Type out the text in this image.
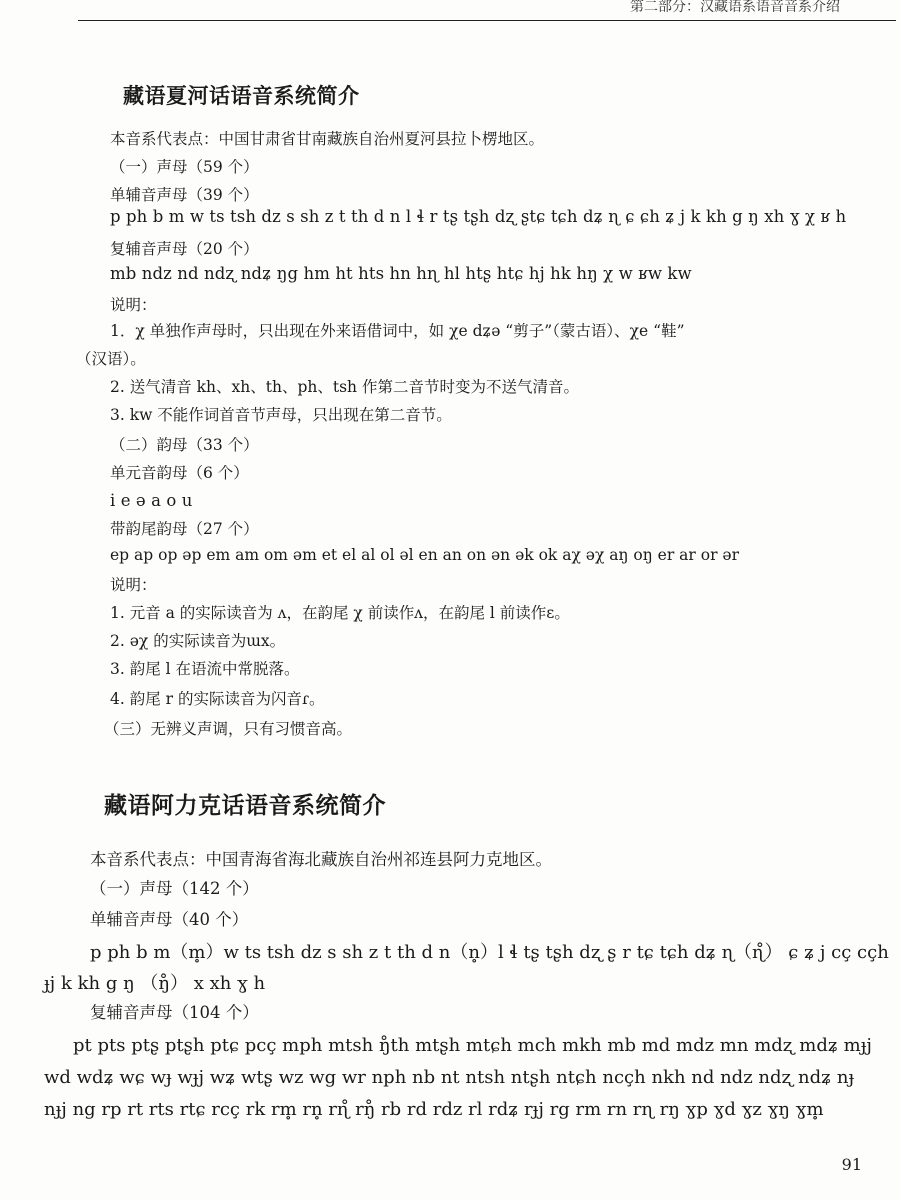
第二部分：汉藏语系语音音系介绍
藏语夏河话语音系统简介
本音系代表点：中国甘肃省甘南藏族自治州夏河县拉卜楞地区。
（一）声母（59 个）
单辅音声母（39 个）
p ph b m w ts tsh dz s sh z t th d n l ɬ r tʂ tʂh dʐ ʂtɕ tɕh dʑ ɳ ɕ ɕh ʑ j k kh g ŋ xh ɣ χ ʁ h
复辅音声母（20 个）
mb ndz nd ndʐ ndʑ ŋg hm ht hts hn hɳ hl htʂ htɕ hj hk hŋ χ w ʁw kw
说明：
1．χ 单独作声母时，只出现在外来语借词中，如 χe dʑə “剪子”（蒙古语）、χe “鞋”
（汉语）。
2. 送气清音 kh、xh、th、ph、tsh 作第二音节时变为不送气清音。
3. kw 不能作词首音节声母，只出现在第二音节。
（二）韵母（33 个）
单元音韵母（6 个）
i e ə a o u
带韵尾韵母（27 个）
ep ap op əp em am om əm et el al ol əl en an on ən ək ok aχ əχ aŋ oŋ er ar or ər
说明：
1. 元音 a 的实际读音为 ʌ，在韵尾 χ 前读作ʌ，在韵尾 l 前读作ɛ。
2. əχ 的实际读音为ɯx。
3. 韵尾 l 在语流中常脱落。
4. 韵尾 r 的实际读音为闪音ɾ。
（三）无辨义声调，只有习惯音高。
藏语阿力克话语音系统简介
本音系代表点：中国青海省海北藏族自治州祁连县阿力克地区。
（一）声母（142 个）
单辅音声母（40 个）
p ph b m（m̥）w ts tsh dz s sh z t th d n（n̥）l ɬ tʂ tʂh dʐ ʂ r tɕ tɕh dʑ ɳ（ɳ̊） ɕ ʑ j cç cçh
ɟj k kh g ŋ （ŋ̊） x xh ɣ h
复辅音声母（104 个）
pt pts ptʂ ptʂh ptɕ pcç mph mtsh ŋ̊th mtʂh mtɕh mch mkh mb md mdz mn mdʐ mdʑ mɟj
wd wdʑ wɕ wɟ wɟj wʑ wtʂ wz wg wr nph nb nt ntsh ntʂh ntɕh ncçh nkh nd ndz ndʐ ndʑ nɟ
nɟj ng rp rt rts rtɕ rcç rk rm̥ rn̥ rɳ̊ rŋ̊ rb rd rdz rl rdʑ rɟj rg rm rn rɳ rŋ ɣp ɣd ɣz ɣŋ ɣm̥
91
